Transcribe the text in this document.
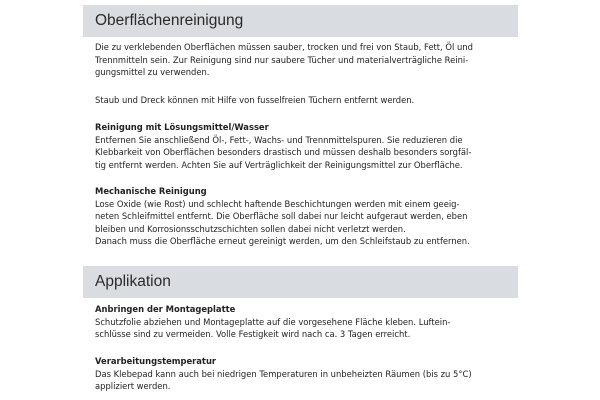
Oberflächenreinigung
Die zu verklebenden Oberflächen müssen sauber, trocken und frei von Staub, Fett, Öl und
Trennmitteln sein. Zur Reinigung sind nur saubere Tücher und materialverträgliche Reini-
gungsmittel zu verwenden.
Staub und Dreck können mit Hilfe von fusselfreien Tüchern entfernt werden.
Reinigung mit Lösungsmittel/Wasser
Entfernen Sie anschließend Öl-, Fett-, Wachs- und Trennmittelspuren. Sie reduzieren die
Klebbarkeit von Oberflächen besonders drastisch und müssen deshalb besonders sorgfäl-
tig entfernt werden. Achten Sie auf Verträglichkeit der Reinigungsmittel zur Oberfläche.
Mechanische Reinigung
Lose Oxide (wie Rost) und schlecht haftende Beschichtungen werden mit einem geeig-
neten Schleifmittel entfernt. Die Oberfläche soll dabei nur leicht aufgeraut werden, eben
bleiben und Korrosionsschutzschichten sollen dabei nicht verletzt werden.
Danach muss die Oberfläche erneut gereinigt werden, um den Schleifstaub zu entfernen.
Applikation
Anbringen der Montageplatte
Schutzfolie abziehen und Montageplatte auf die vorgesehene Fläche kleben. Luftein-
schlüsse sind zu vermeiden. Volle Festigkeit wird nach ca. 3 Tagen erreicht.
Verarbeitungstemperatur
Das Klebepad kann auch bei niedrigen Temperaturen in unbeheizten Räumen (bis zu 5°C)
appliziert werden.
